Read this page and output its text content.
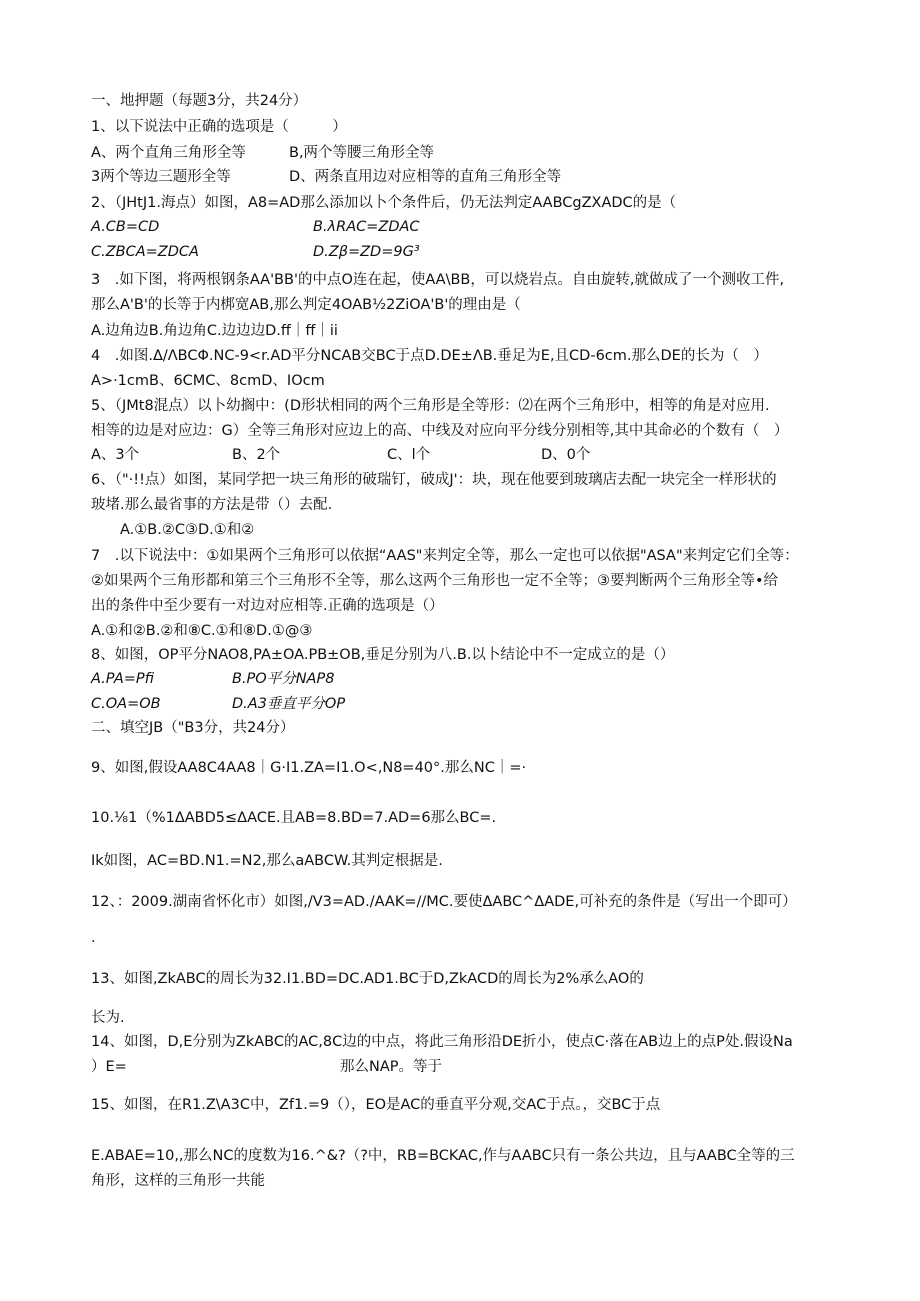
一、地押题（每题3分，共24分）
1、以下说法中正确的选项是（　　　）
A、两个直角三角形全等	B,两个等腰三角形全等
3两个等边三题形全等	D、两条直用边对应相等的直角三角形全等
2、（JHtJ1.海点）如图，A8=AD那么添加以卜个条件后，仍无法判定AABCgZXADC的是（
A.CB=CD	B.λRAC=ZDAC
C.ZBCA=ZDCA	D.Zβ=ZD=9G³
3　.如下图，将两根钢条AA'BB'的中点O连在起，使AA\BB，可以烧岩点。自由旋转,就做成了一个测收工件,
那么A'B'的长等于内梆宽AB,那么判定4OAB½2ZiOA'B'的理由是（
A.边角边B.角边角C.边边边D.ff｜ff｜ii
4　.如图.Δ∕ΛBCΦ.NC-9<r.AD平分NCAB交BC于点D.DE±ΛB.垂足为E,且CD-6cm.那么DE的长为（　）
A>·1cmB、6CMC、8cmD、IOcm
5、（JMt8混点）以卜幼搁中：(D形状相同的两个三角形是全等形：⑵在两个三角形中，相等的角是对应用.
相等的边是对应边：G）全等三角形对应边上的高、中线及对应向平分线分别相等,其中其命必的个数有（　）
A、3个	B、2个	C、l个	D、0个
6、（"·!!点）如图，某同学把一块三角形的破瑞钉，破成J'：块，现在他要到玻璃店去配一块完全一样形状的
玻堵.那么最省事的方法是带（）去配.
　　A.①B.②C③D.①和②
7　.以下说法中：①如果两个三角形可以依据“AAS"来判定全等，那么一定也可以依据"ASA"来判定它们全等：
②如果两个三角形都和第三个三角形不全等，那么这两个三角形也一定不全等；③要判断两个三角形全等•给
出的条件中至少要有一对边对应相等.正确的选项是（）
A.①和②B.②和⑧C.①和⑧D.①@③
8、如图，OP平分NAO8,PA±OA.PB±OB,垂足分别为八.B.以卜结论中不一定成立的是（）
A.PA=Pfi	B.PO平分NAP8
C.OA=OB	D.A3垂直平分OP
二、填空JB（"B3分，共24分）
9、如图,假设AA8C4AA8｜G·I1.ZA=I1.O<,N8=40°.那么NC｜=·
10.⅛1（%1ΔABD5≤ΔACE.且AB=8.BD=7.AD=6那么BC=.
Ik如图，AC=BD.N1.=N2,那么aABCW.其判定根据是.
12、：2009.湖南省怀化市）如图,∕V3=AD.∕AAK=//MC.要使ΔABC^ΔADE,可补充的条件是（写出一个即可）
.
13、如图,ZkABC的周长为32.I1.BD=DC.AD1.BC于D,ZkACD的周长为2%承么AO的
长为.
14、如图，D,E分别为ZkABC的AC,8C边的中点，将此三角形沿DE折小，使点C·落在AB边上的点P处.假设Na
）E=	那么NAP。等于
15、如图，在R1.Z\A3C中，Zf1.=9（），EO是AC的垂直平分观,交AC于点。，交BC于点
E.ABAE=10,,那么NC的度数为16.^&?（?中，RB=BCKAC,作与AABC只有一条公共边，且与AABC全等的三
角形，这样的三角形一共能
